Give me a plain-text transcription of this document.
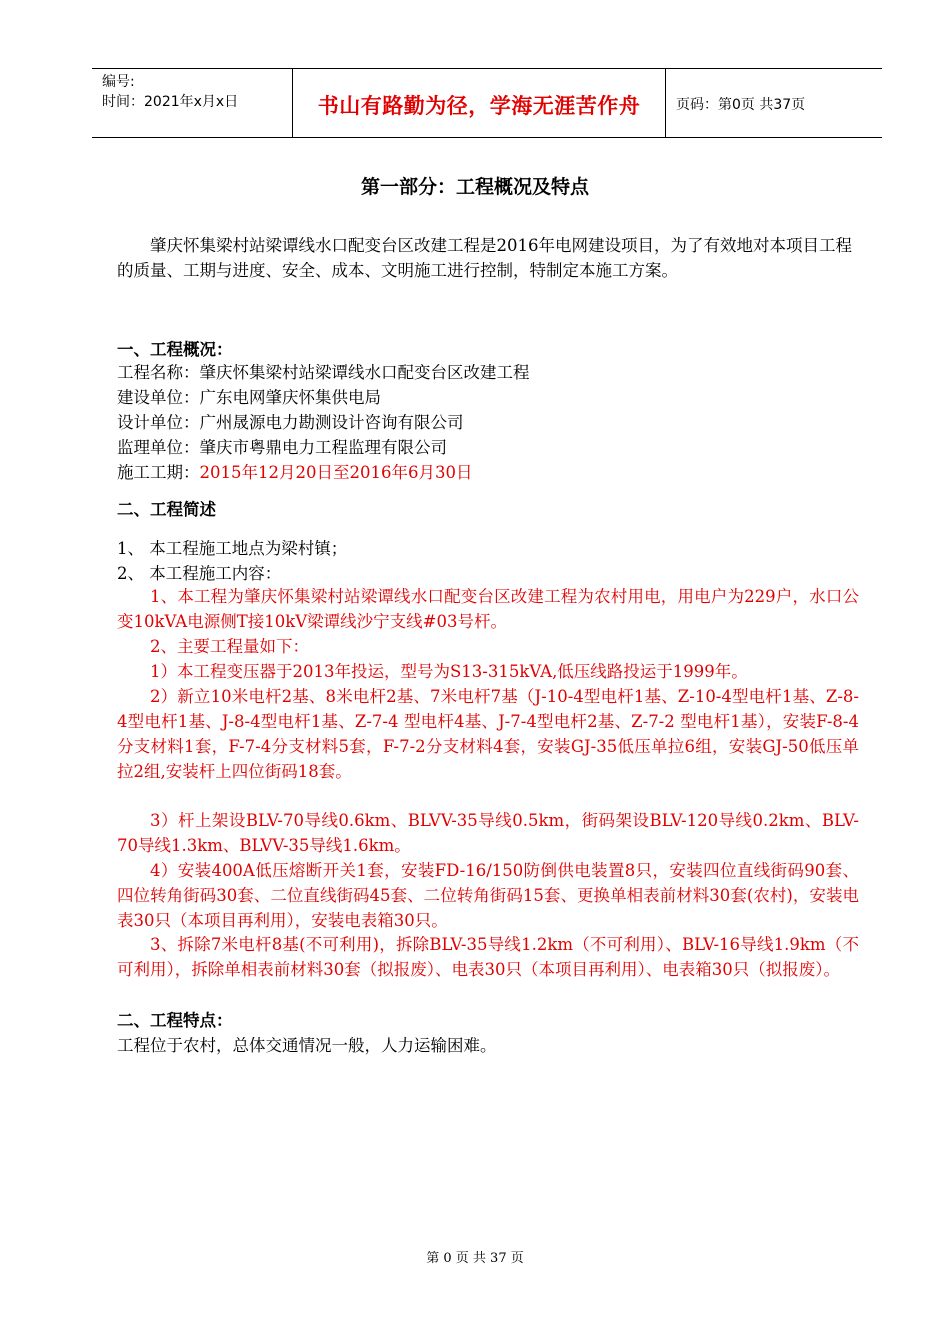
编号:
时间：2021年x月x日	书山有路勤为径，学海无涯苦作舟	页码：第0页 共37页
第一部分：工程概况及特点

肇庆怀集梁村站梁谭线水口配变台区改建工程是2016年电网建设项目，为了有效地对本项目工程的质量、工期与进度、安全、成本、文明施工进行控制，特制定本施工方案。

一、工程概况：
工程名称：肇庆怀集梁村站梁谭线水口配变台区改建工程
建设单位：广东电网肇庆怀集供电局
设计单位：广州晟源电力勘测设计咨询有限公司
监理单位：肇庆市粤鼎电力工程监理有限公司
施工工期：2015年12月20日至2016年6月30日
二、工程简述
1、 本工程施工地点为梁村镇；
2、 本工程施工内容：

1、本工程为肇庆怀集梁村站梁谭线水口配变台区改建工程为农村用电，用电户为229户，水口公变10kVA电源侧T接10kV梁谭线沙宁支线#03号杆。

2、主要工程量如下：

1）本工程变压器于2013年投运，型号为S13-315kVA,低压线路投运于1999年。

2）新立10米电杆2基、8米电杆2基、7米电杆7基（J-10-4型电杆1基、Z-10-4型电杆1基、Z-8-4型电杆1基、J-8-4型电杆1基、Z-7-4 型电杆4基、J-7-4型电杆2基、Z-7-2 型电杆1基），安装F-8-4分支材料1套，F-7-4分支材料5套，F-7-2分支材料4套，安装GJ-35低压单拉6组，安装GJ-50低压单拉2组,安装杆上四位街码18套。

3）杆上架设BLV-70导线0.6km、BLVV-35导线0.5km，街码架设BLV-120导线0.2km、BLV-70导线1.3km、BLVV-35导线1.6km。

4）安装400A低压熔断开关1套，安装FD-16/150防倒供电装置8只，安装四位直线街码90套、四位转角街码30套、二位直线街码45套、二位转角街码15套、更换单相表前材料30套(农村)，安装电表30只（本项目再利用），安装电表箱30只。

3、拆除7米电杆8基(不可利用)，拆除BLV-35导线1.2km（不可利用）、BLV-16导线1.9km（不可利用），拆除单相表前材料30套（拟报废）、电表30只（本项目再利用）、电表箱30只（拟报废）。

二、工程特点：
工程位于农村，总体交通情况一般，人力运输困难。
第 0 页 共 37 页
